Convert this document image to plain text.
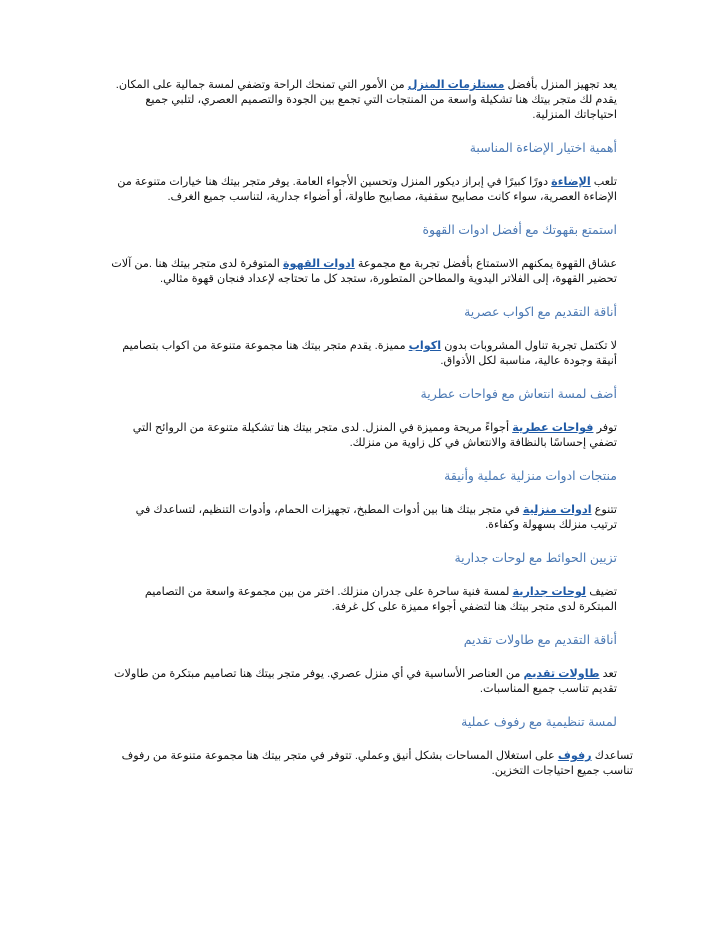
يعد تجهيز المنزل بأفضل مستلزمات المنزل من الأمور التي تمنحك الراحة وتضفي لمسة جمالية على المكان. يقدم لك متجر بيتك هنا تشكيلة واسعة من المنتجات التي تجمع بين الجودة والتصميم العصري، لتلبي جميع احتياجاتك المنزلية.

أهمية اختيار الإضاءة المناسبة

تلعب الإضاءة دورًا كبيرًا في إبراز ديكور المنزل وتحسين الأجواء العامة. يوفر متجر بيتك هنا خيارات متنوعة من الإضاءة العصرية، سواء كانت مصابيح سقفية، مصابيح طاولة، أو أضواء جدارية، لتناسب جميع الغرف.

استمتع بقهوتك مع أفضل ادوات القهوة

عشاق القهوة يمكنهم الاستمتاع بأفضل تجربة مع مجموعة ادوات القهوة المتوفرة لدى متجر بيتك هنا .من آلات تحضير القهوة، إلى الفلاتر اليدوية والمطاحن المتطورة، ستجد كل ما تحتاجه لإعداد فنجان قهوة مثالي.

أناقة التقديم مع اكواب عصرية

لا تكتمل تجربة تناول المشروبات بدون اكواب مميزة. يقدم متجر بيتك هنا مجموعة متنوعة من اكواب بتصاميم أنيقة وجودة عالية، مناسبة لكل الأذواق.

أضف لمسة انتعاش مع فواحات عطرية

توفر فواحات عطرية أجواءً مريحة ومميزة في المنزل. لدى متجر بيتك هنا تشكيلة متنوعة من الروائح التي تضفي إحساسًا بالنظافة والانتعاش في كل زاوية من منزلك.

منتجات ادوات منزلية عملية وأنيقة

تتنوع ادوات منزلية في متجر بيتك هنا بين أدوات المطبخ، تجهيزات الحمام، وأدوات التنظيم، لتساعدك في ترتيب منزلك بسهولة وكفاءة.

تزيين الحوائط مع لوحات جدارية

تضيف لوحات جدارية لمسة فنية ساحرة على جدران منزلك. اختر من بين مجموعة واسعة من التصاميم المبتكرة لدى متجر بيتك هنا لتضفي أجواء مميزة على كل غرفة.

أناقة التقديم مع طاولات تقديم

تعد طاولات تقديم من العناصر الأساسية في أي منزل عصري. يوفر متجر بيتك هنا تصاميم مبتكرة من طاولات تقديم تناسب جميع المناسبات.

لمسة تنظيمية مع رفوف عملية

تساعدك رفوف على استغلال المساحات بشكل أنيق وعملي. تتوفر في متجر بيتك هنا مجموعة متنوعة من رفوف تناسب جميع احتياجات التخزين.
